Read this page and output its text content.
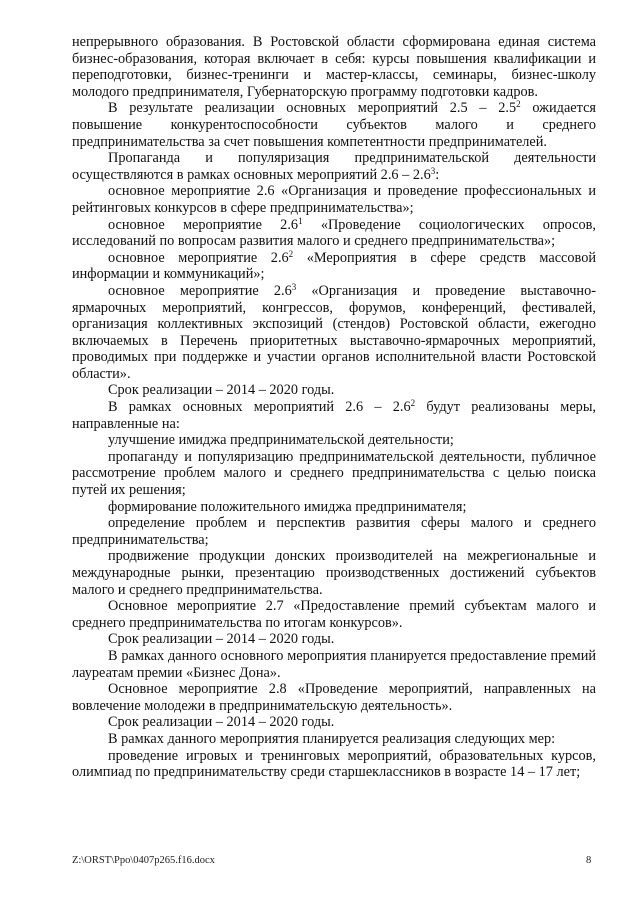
непрерывного образования. В Ростовской области сформирована единая система бизнес-образования, которая включает в себя: курсы повышения квалификации и переподготовки, бизнес-тренинги и мастер-классы, семинары, бизнес-школу молодого предпринимателя, Губернаторскую программу подготовки кадров.

В результате реализации основных мероприятий $2.5 - 2.5^2$ ожидается повышение конкурентоспособности субъектов малого и среднего предпринимательства за счет повышения компетентности предпринимателей.

Пропаганда и популяризация предпринимательской деятельности осуществляются в рамках основных мероприятий $2.6 - 2.6^3$:

основное мероприятие 2.6 «Организация и проведение профессиональных и рейтинговых конкурсов в сфере предпринимательства»;

основное мероприятие $2.6^1$ «Проведение социологических опросов, исследований по вопросам развития малого и среднего предпринимательства»;

основное мероприятие $2.6^2$ «Мероприятия в сфере средств массовой информации и коммуникаций»;

основное мероприятие $2.6^3$ «Организация и проведение выставочно-ярмарочных мероприятий, конгрессов, форумов, конференций, фестивалей, организация коллективных экспозиций (стендов) Ростовской области, ежегодно включаемых в Перечень приоритетных выставочно-ярмарочных мероприятий, проводимых при поддержке и участии органов исполнительной власти Ростовской области».

Срок реализации – 2014 – 2020 годы.

В рамках основных мероприятий $2.6 - 2.6^2$ будут реализованы меры, направленные на:

улучшение имиджа предпринимательской деятельности;

пропаганду и популяризацию предпринимательской деятельности, публичное рассмотрение проблем малого и среднего предпринимательства с целью поиска путей их решения;

формирование положительного имиджа предпринимателя;

определение проблем и перспектив развития сферы малого и среднего предпринимательства;

продвижение продукции донских производителей на межрегиональные и международные рынки, презентацию производственных достижений субъектов малого и среднего предпринимательства.

Основное мероприятие 2.7 «Предоставление премий субъектам малого и среднего предпринимательства по итогам конкурсов».

Срок реализации – 2014 – 2020 годы.

В рамках данного основного мероприятия планируется предоставление премий лауреатам премии «Бизнес Дона».

Основное мероприятие 2.8 «Проведение мероприятий, направленных на вовлечение молодежи в предпринимательскую деятельность».

Срок реализации – 2014 – 2020 годы.

В рамках данного мероприятия планируется реализация следующих мер:

проведение игровых и тренинговых мероприятий, образовательных курсов, олимпиад по предпринимательству среди старшеклассников в возрасте 14 – 17 лет;

Z:\ORST\Ppo\0407p265.f16.docx	8
